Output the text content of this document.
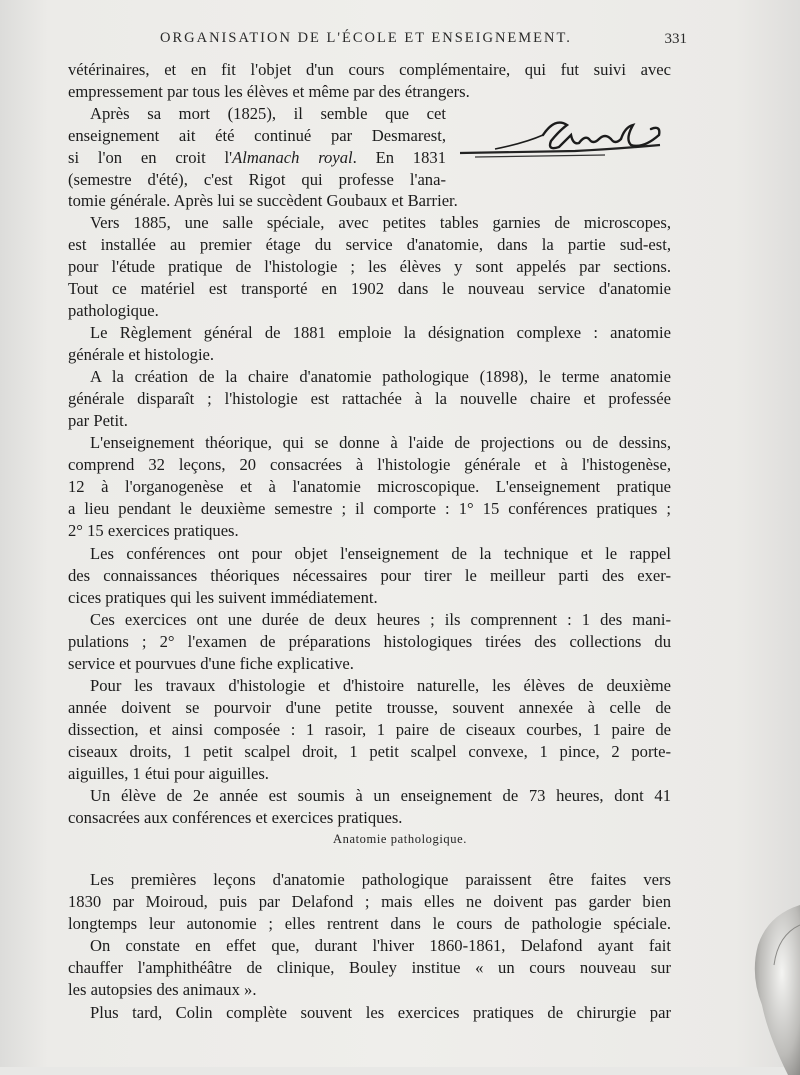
ORGANISATION DE L'ÉCOLE ET ENSEIGNEMENT.	331
vétérinaires, et en fit l'objet d'un cours complémentaire, qui fut suivi avec
empressement par tous les élèves et même par des étrangers.
Après sa mort (1825), il semble que cet
enseignement ait été continué par Desmarest,
si l'on en croit l'Almanach royal. En 1831
(semestre d'été), c'est Rigot qui professe l'ana-
tomie générale. Après lui se succèdent Goubaux et Barrier.
Vers 1885, une salle spéciale, avec petites tables garnies de microscopes,
est installée au premier étage du service d'anatomie, dans la partie sud-est,
pour l'étude pratique de l'histologie ; les élèves y sont appelés par sections.
Tout ce matériel est transporté en 1902 dans le nouveau service d'anatomie
pathologique.
Le Règlement général de 1881 emploie la désignation complexe : anatomie
générale et histologie.
A la création de la chaire d'anatomie pathologique (1898), le terme anatomie
générale disparaît ; l'histologie est rattachée à la nouvelle chaire et professée
par Petit.
L'enseignement théorique, qui se donne à l'aide de projections ou de dessins,
comprend 32 leçons, 20 consacrées à l'histologie générale et à l'histogenèse,
12 à l'organogenèse et à l'anatomie microscopique. L'enseignement pratique
a lieu pendant le deuxième semestre ; il comporte : 1° 15 conférences pratiques ;
2° 15 exercices pratiques.
Les conférences ont pour objet l'enseignement de la technique et le rappel
des connaissances théoriques nécessaires pour tirer le meilleur parti des exer-
cices pratiques qui les suivent immédiatement.
Ces exercices ont une durée de deux heures ; ils comprennent : 1 des mani-
pulations ; 2° l'examen de préparations histologiques tirées des collections du
service et pourvues d'une fiche explicative.
Pour les travaux d'histologie et d'histoire naturelle, les élèves de deuxième
année doivent se pourvoir d'une petite trousse, souvent annexée à celle de
dissection, et ainsi composée : 1 rasoir, 1 paire de ciseaux courbes, 1 paire de
ciseaux droits, 1 petit scalpel droit, 1 petit scalpel convexe, 1 pince, 2 porte-
aiguilles, 1 étui pour aiguilles.
Un élève de 2e année est soumis à un enseignement de 73 heures, dont 41
consacrées aux conférences et exercices pratiques.
Anatomie pathologique.
Les premières leçons d'anatomie pathologique paraissent être faites vers
1830 par Moiroud, puis par Delafond ; mais elles ne doivent pas garder bien
longtemps leur autonomie ; elles rentrent dans le cours de pathologie spéciale.
On constate en effet que, durant l'hiver 1860-1861, Delafond ayant fait
chauffer l'amphithéâtre de clinique, Bouley institue « un cours nouveau sur
les autopsies des animaux ».
Plus tard, Colin complète souvent les exercices pratiques de chirurgie par
